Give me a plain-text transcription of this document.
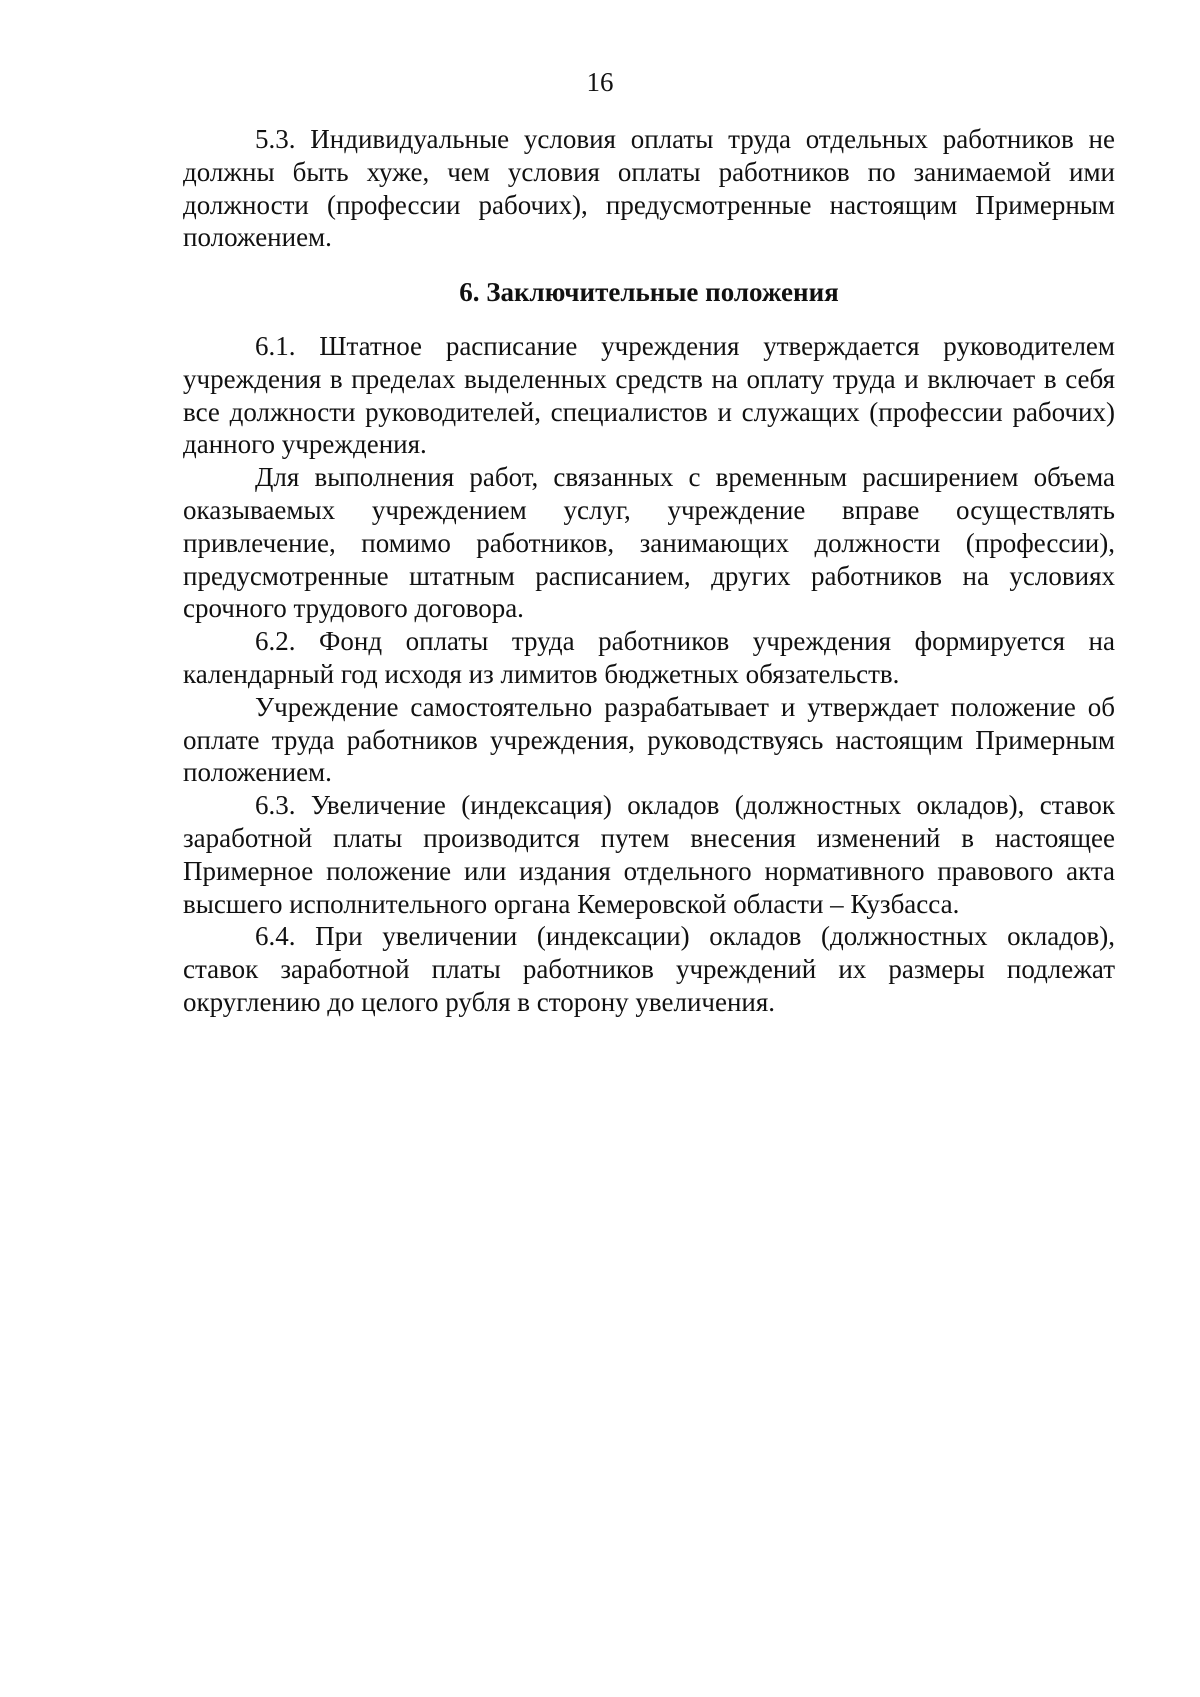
16

5.3. Индивидуальные условия оплаты труда отдельных работников не должны быть хуже, чем условия оплаты работников по занимаемой ими должности (профессии рабочих), предусмотренные настоящим Примерным положением.

6. Заключительные положения

6.1. Штатное расписание учреждения утверждается руководителем учреждения в пределах выделенных средств на оплату труда и включает в себя все должности руководителей, специалистов и служащих (профессии рабочих) данного учреждения.

Для выполнения работ, связанных с временным расширением объема оказываемых учреждением услуг, учреждение вправе осуществлять привлечение, помимо работников, занимающих должности (профессии), предусмотренные штатным расписанием, других работников на условиях срочного трудового договора.

6.2. Фонд оплаты труда работников учреждения формируется на календарный год исходя из лимитов бюджетных обязательств.

Учреждение самостоятельно разрабатывает и утверждает положение об оплате труда работников учреждения, руководствуясь настоящим Примерным положением.

6.3. Увеличение (индексация) окладов (должностных окладов), ставок заработной платы производится путем внесения изменений в настоящее Примерное положение или издания отдельного нормативного правового акта высшего исполнительного органа Кемеровской области – Кузбасса.

6.4. При увеличении (индексации) окладов (должностных окладов), ставок заработной платы работников учреждений их размеры подлежат округлению до целого рубля в сторону увеличения.
